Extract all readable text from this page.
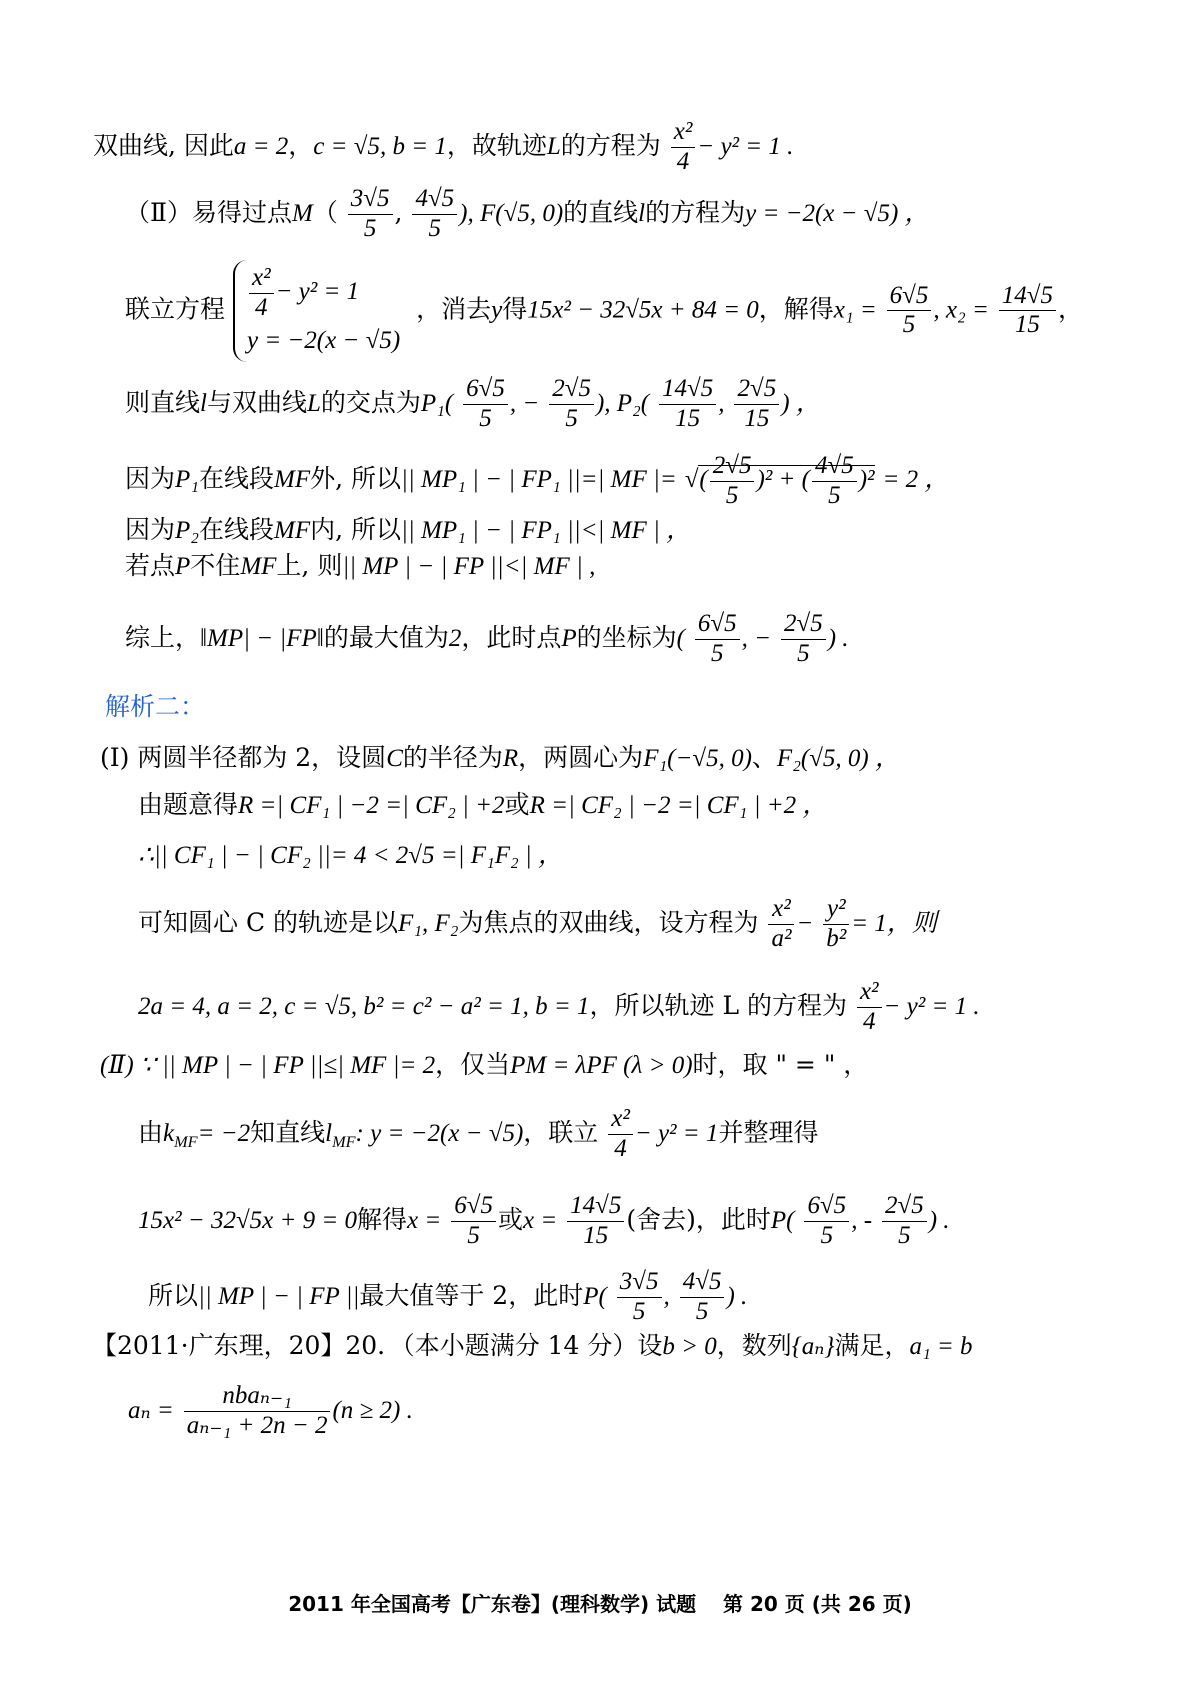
双曲线, 因此a = 2，c = √5, b = 1，故轨迹L的方程为 $\frac{\text{x²}}{4} - y^2 = 1$ .
（Ⅱ）易得过点$M( \frac{3√5}{5}$ , $\frac{4√5}{5}$ ), F(√5, 0)的直线l的方程为y = −2(x − √5) ，
联立方程 $\frac{\text{x²}}{4} - y^2 = 1$
y = −2(x − √5)
，消去y得15x² − 32√5x + 84 = 0，解得$x_1 = \frac{6√5}{5}$ , $x_2 = \frac{14√5}{15}$ ，
则直线l与双曲线L的交点为$P_1( \frac{6√5}{5}$ , − $\frac{2√5}{5}$ ), $P_2( \frac{14√5}{15}$ , $\frac{2√5}{15}$ ) ，
因为P₁在线段MF外, 所以|| MP₁ | − | FP₁ ||=| MF |= √( $\frac{2√5}{5} )^2$ + ( $\frac{4√5}{5} )^2 = 2$ ，
因为P₂在线段MF内, 所以|| MP₁ | − | FP₁ ||<| MF | ，
若点P不住MF上, 则|| MP | − | FP ||<| MF | ,
综上，‖MP| − |FP‖的最大值为2，此时点P的坐标为( $\frac{6√5}{5}$ , − $\frac{2√5}{5}$ ) .
解析二：
(Ⅰ) 两圆半径都为 2，设圆C的半径为R，两圆心为F₁(−√5, 0)、F₂(√5, 0) ，
由题意得R =| CF₁ | −2 =| CF₂ | +2或R =| CF₂ | −2 =| CF₁ | +2 ，
∴|| CF₁ | − | CF₂ ||= 4 < 2√5 =| F₁F₂ | ，
可知圆心 C 的轨迹是以F₁, F₂为焦点的双曲线，设方程为 $\frac{\text{x²}}{\text{a²}} - \frac{\text{y²}}{\text{b²}} = 1$，则
2a = 4, a = 2, c = √5, b² = c² − a² = 1, b = 1，所以轨迹 L 的方程为 $\frac{\text{x²}}{4} - y^2 = 1$ .
(Ⅱ) ∵ || MP | − | FP ||≤| MF |= 2，仅当PM = λPF (λ > 0)时，取 " = " ，
由$k_{MF}= -2$知直线$l_{MF}$: y = −2(x − √5)，联立 $\frac{\text{x²}}{4} - y^2 = 1$并整理得
15x² − 32√5x + 9 = 0解得$x = \frac{6√5}{5}$ 或$x = \frac{14√5}{15}$ (舍去)，此时$P( \frac{6√5}{5}$ , - $\frac{2√5}{5}$ ) .
所以|| MP | − | FP ||最大值等于 2，此时$P( \frac{3√5}{5}$ , $\frac{4√5}{5}$ ) .
【2011·广东理，20】20．（本小题满分 14 分）设b > 0，数列{aₙ}满足，a₁ = b
$a_n = \frac{\text{nbaₙ₋₁}}{\text{aₙ₋₁ + 2n − 2}} (n \ge 2)$ .
2011 年全国高考【广东卷】(理科数学) 试题　 第 20 页 (共 26 页)
